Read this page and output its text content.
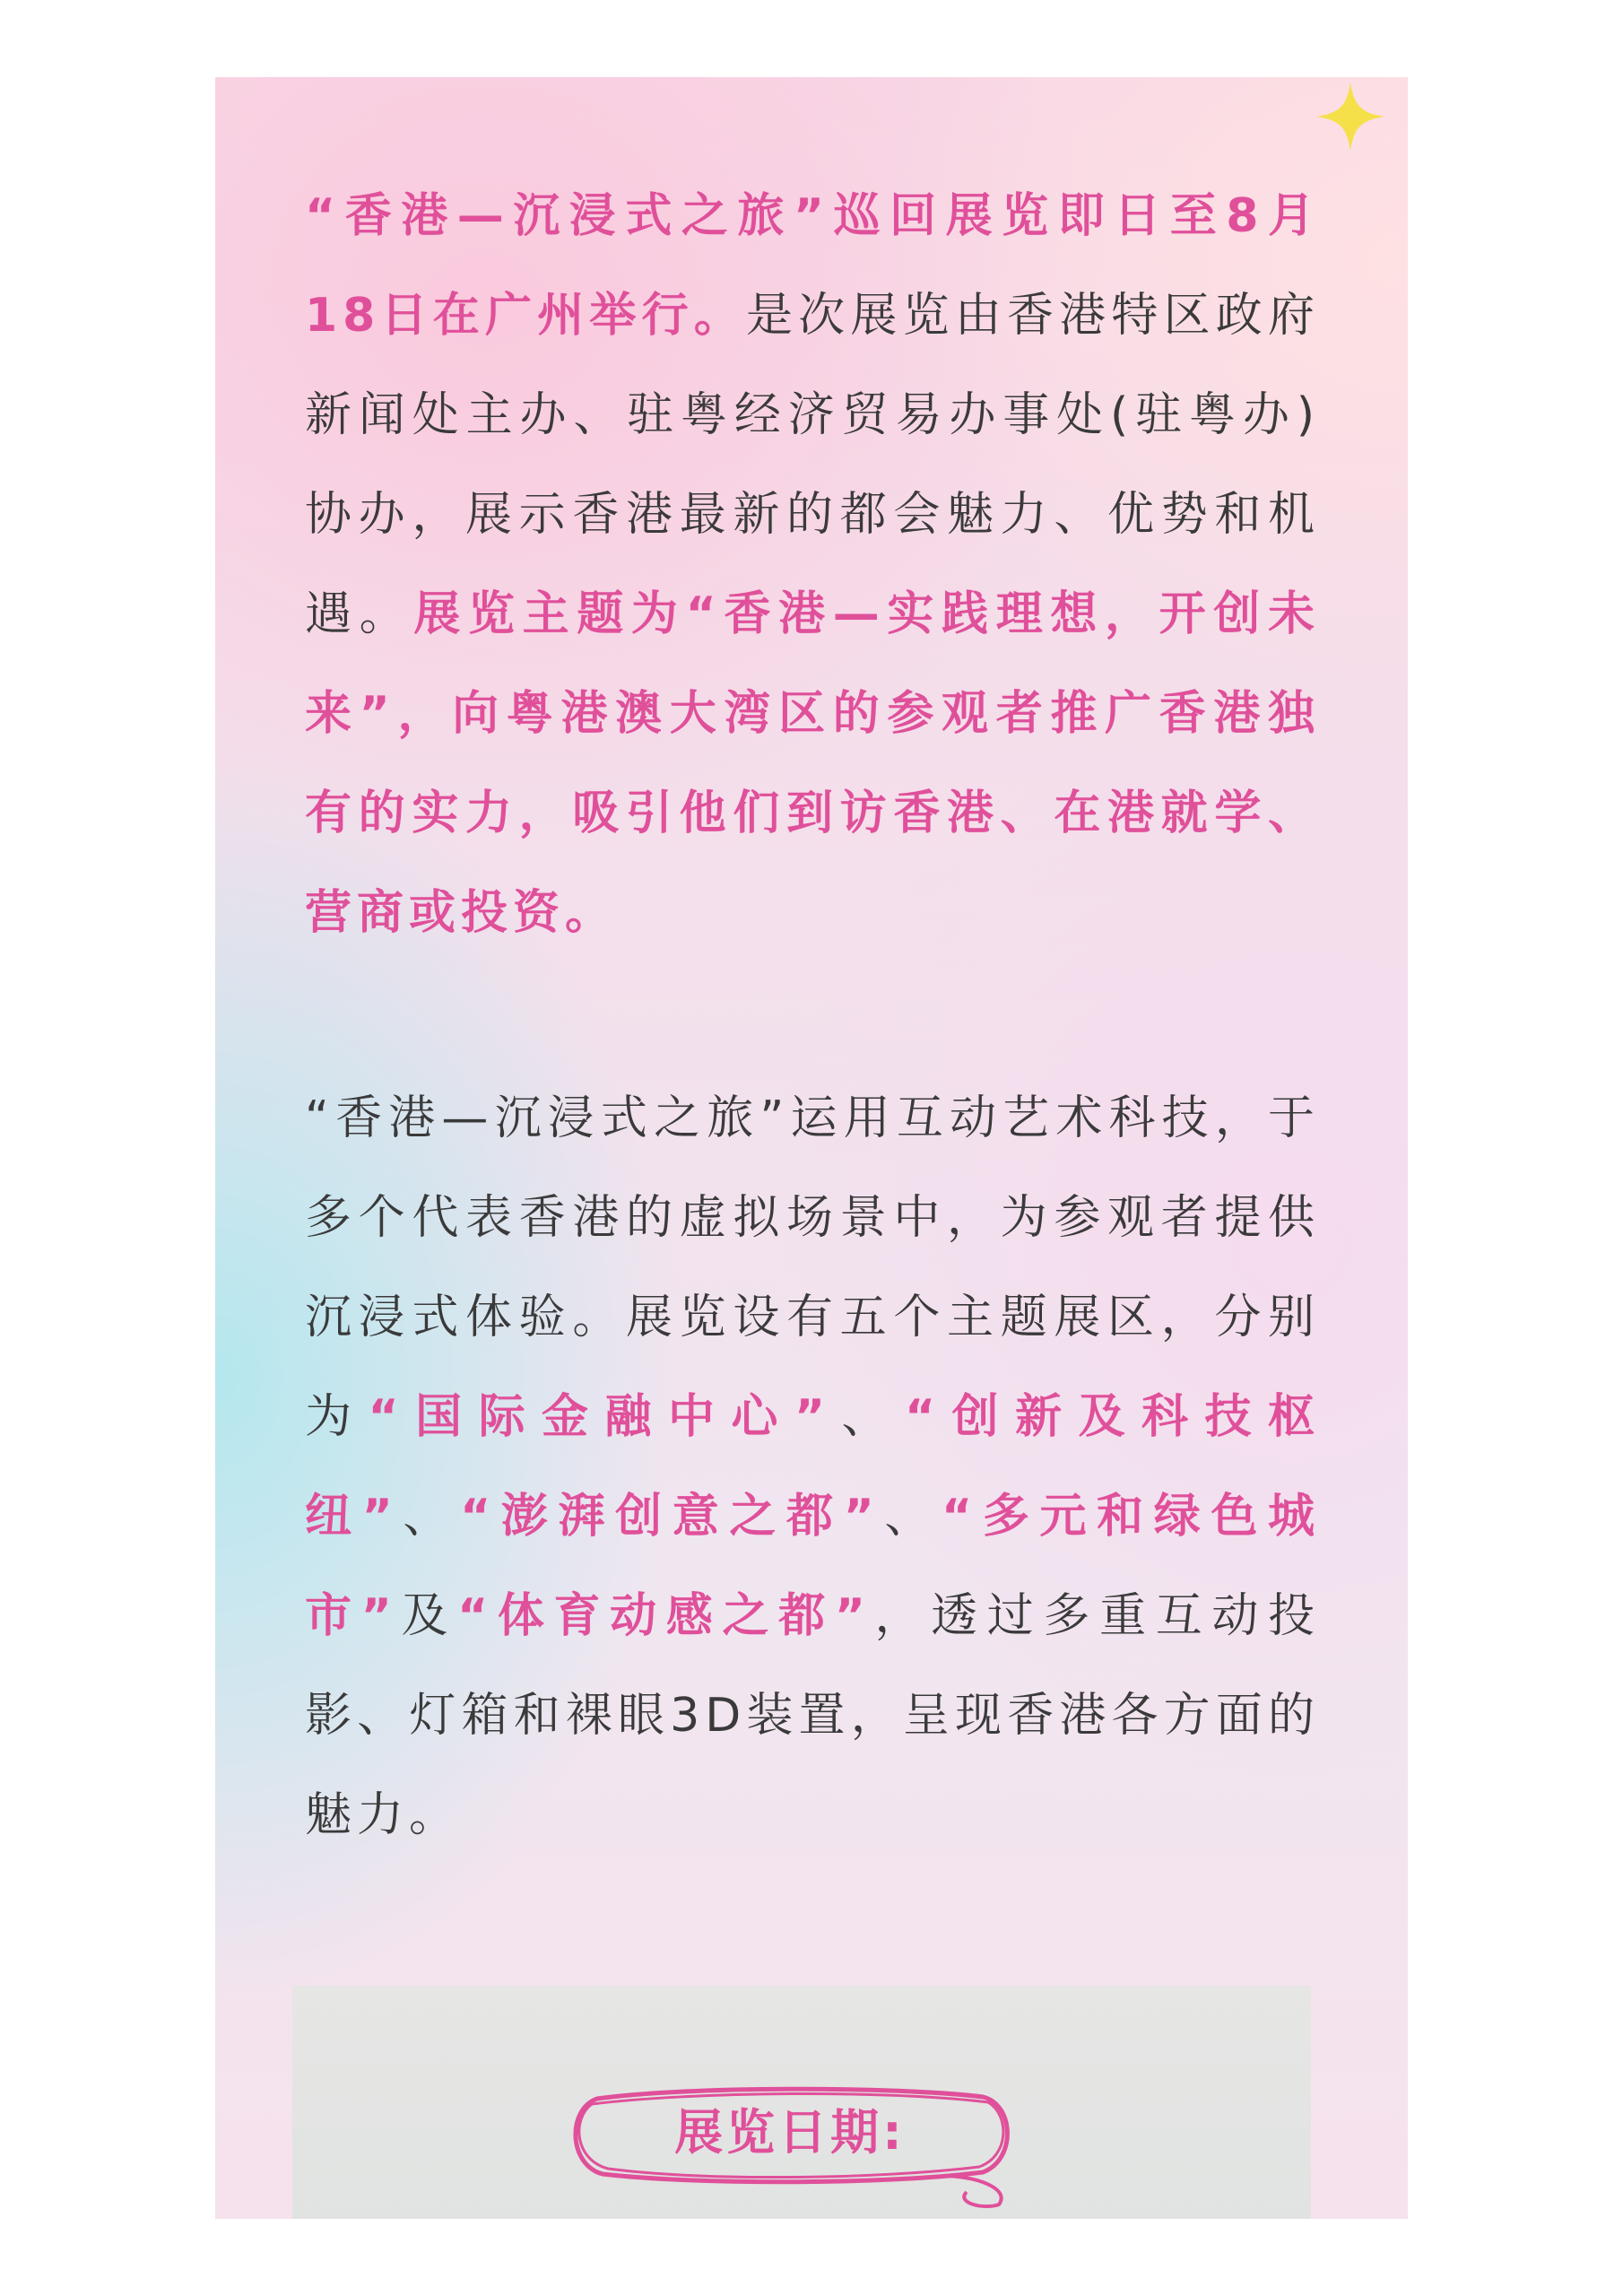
“香港—沉浸式之旅”巡回展览即日至8月18日在广州举行。是次展览由香港特区政府新闻处主办、驻粤经济贸易办事处(驻粤办)协办，展示香港最新的都会魅力、优势和机遇。展览主题为“香港—实践理想，开创未来”，向粤港澳大湾区的参观者推广香港独有的实力，吸引他们到访香港、在港就学、营商或投资。
“香港—沉浸式之旅”运用互动艺术科技，于多个代表香港的虚拟场景中，为参观者提供沉浸式体验。展览设有五个主题展区，分别为“国际金融中心”、“创新及科技枢纽”、“澎湃创意之都”、“多元和绿色城市”及“体育动感之都”，透过多重互动投影、灯箱和裸眼3D装置，呈现香港各方面的魅力。
展览日期:
